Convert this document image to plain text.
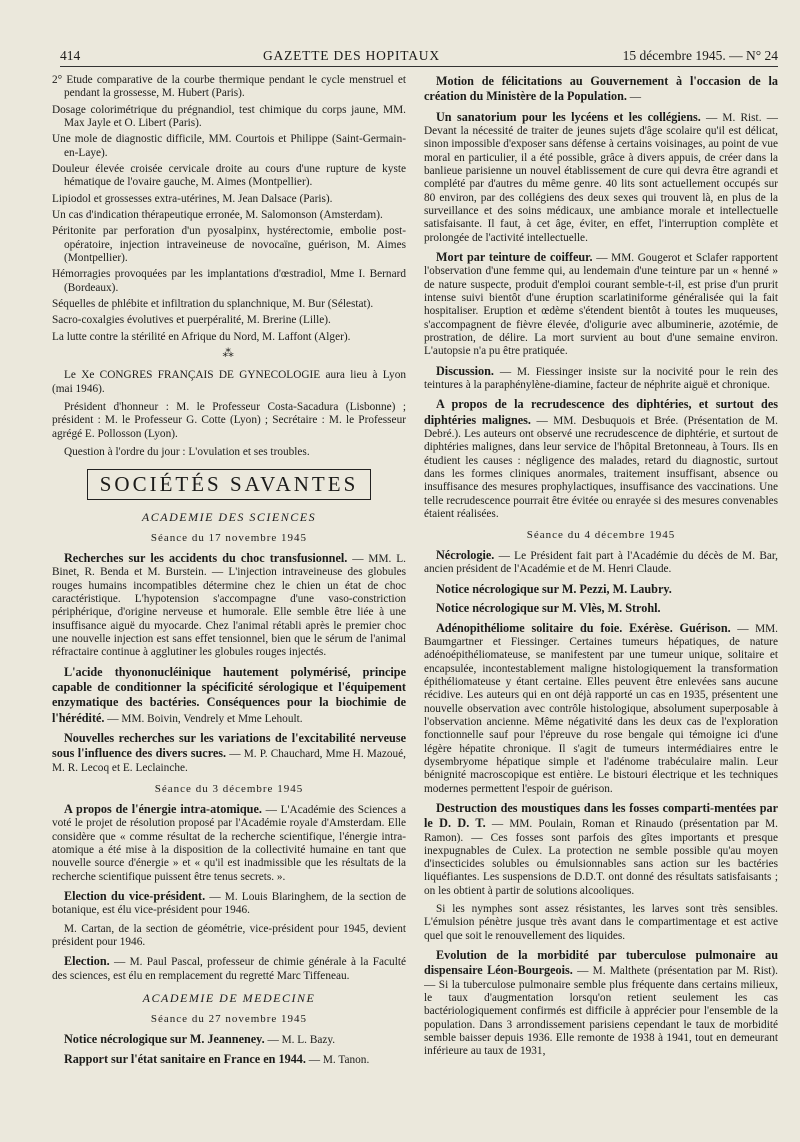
414	GAZETTE DES HOPITAUX	15 décembre 1945. — N° 24
2° Etude comparative de la courbe thermique pendant le cycle menstruel et pendant la grossesse, M. Hubert (Paris).
Dosage colorimétrique du prégnandiol, test chimique du corps jaune, MM. Max Jayle et O. Libert (Paris).
Une mole de diagnostic difficile, MM. Courtois et Philippe (Saint-Germain-en-Laye).
Douleur élevée croisée cervicale droite au cours d'une rupture de kyste hématique de l'ovaire gauche, M. Aimes (Montpellier).
Lipiodol et grossesses extra-utérines, M. Jean Dalsace (Paris).
Un cas d'indication thérapeutique erronée, M. Salomonson (Amsterdam).
Péritonite par perforation d'un pyosalpinx, hystérectomie, embolie post-opératoire, injection intraveineuse de novocaïne, guérison, M. Aimes (Montpellier).
Hémorragies provoquées par les implantations d'œstradiol, Mme I. Bernard (Bordeaux).
Séquelles de phlébite et infiltration du splanchnique, M. Bur (Sélestat).
Sacro-coxalgies évolutives et puerpéralité, M. Brerine (Lille).
La lutte contre la stérilité en Afrique du Nord, M. Laffont (Alger).
⁂

Le Xe CONGRES FRANÇAIS DE GYNECOLOGIE aura lieu à Lyon (mai 1946).

Président d'honneur : M. le Professeur Costa-Sacadura (Lisbonne) ; président : M. le Professeur G. Cotte (Lyon) ; Secrétaire : M. le Professeur agrégé E. Pollosson (Lyon).

Question à l'ordre du jour : L'ovulation et ses troubles.

SOCIÉTÉS SAVANTES
ACADEMIE DES SCIENCES
Séance du 17 novembre 1945

Recherches sur les accidents du choc transfusionnel. — MM. L. Binet, R. Benda et M. Burstein. — L'injection intraveineuse des globules rouges humains incompatibles détermine chez le chien un état de choc caractéristique. L'hypotension s'accompagne d'une vaso-constriction périphérique, d'origine nerveuse et humorale. Elle semble être liée à une insuffisance aiguë du myocarde. Chez l'animal rétabli après le premier choc une nouvelle injection est sans effet tensionnel, bien que le sérum de l'animal réfractaire continue à agglutiner les globules rouges injectés.

L'acide thyononucléinique hautement polymérisé, principe capable de conditionner la spécificité sérologique et l'équipement enzymatique des bactéries. Conséquences pour la biochimie de l'hérédité. — MM. Boivin, Vendrely et Mme Lehoult.

Nouvelles recherches sur les variations de l'excitabilité nerveuse sous l'influence des divers sucres. — M. P. Chauchard, Mme H. Mazoué, M. R. Lecoq et E. Leclainche.

Séance du 3 décembre 1945

A propos de l'énergie intra-atomique. — L'Académie des Sciences a voté le projet de résolution proposé par l'Académie royale d'Amsterdam. Elle considère que « comme résultat de la recherche scientifique, l'énergie intra-atomique a été mise à la disposition de la collectivité humaine en tant que nouvelle source d'énergie » et « qu'il est inadmissible que les résultats de la recherche scientifique puissent être tenus secrets. ».

Election du vice-président. — M. Louis Blaringhem, de la section de botanique, est élu vice-président pour 1946.

M. Cartan, de la section de géométrie, vice-président pour 1945, devient président pour 1946.

Election. — M. Paul Pascal, professeur de chimie générale à la Faculté des sciences, est élu en remplacement du regretté Marc Tiffeneau.

ACADEMIE DE MEDECINE
Séance du 27 novembre 1945

Notice nécrologique sur M. Jeanneney. — M. L. Bazy.

Rapport sur l'état sanitaire en France en 1944. — M. Tanon.

Motion de félicitations au Gouvernement à l'occasion de la création du Ministère de la Population. —

Un sanatorium pour les lycéens et les collégiens. — M. Rist. — Devant la nécessité de traiter de jeunes sujets d'âge scolaire qu'il est délicat, sinon impossible d'exposer sans défense à certains voisinages, au point de vue moral en particulier, il a été possible, grâce à divers appuis, de créer dans la banlieue parisienne un nouvel établissement de cure qui devra être agrandi et complété par d'autres du même genre. 40 lits sont actuellement occupés sur 80 environ, par des collégiens des deux sexes qui trouvent là, en plus de la surveillance et des soins médicaux, une ambiance morale et intellectuelle satisfaisante. Il faut, à cet âge, éviter, en effet, l'interruption complète et prolongée de l'activité intellectuelle.

Mort par teinture de coiffeur. — MM. Gougerot et Sclafer rapportent l'observation d'une femme qui, au lendemain d'une teinture par un « henné » de nature suspecte, produit d'emploi courant semble-t-il, est prise d'un prurit intense suivi bientôt d'une éruption scarlatiniforme généralisée qui la fait hospitaliser. Eruption et œdème s'étendent bientôt à toutes les muqueuses, s'accompagnent de fièvre élevée, d'oligurie avec albuminerie, azotémie, de prostration, de délire. La mort survient au bout d'une semaine environ. L'autopsie n'a pu être pratiquée.

Discussion. — M. Fiessinger insiste sur la nocivité pour le rein des teintures à la paraphénylène-diamine, facteur de néphrite aiguë et chronique.

A propos de la recrudescence des diphtéries, et surtout des diphtéries malignes. — MM. Desbuquois et Brée. (Présentation de M. Debré.). Les auteurs ont observé une recrudescence de diphtérie, et surtout de diphtéries malignes, dans leur service de l'hôpital Bretonneau, à Tours. Ils en étudient les causes : négligence des malades, retard du diagnostic, surtout dans les formes cliniques anormales, traitement insuffisant, absence ou insuffisance des mesures prophylactiques, insuffisance des vaccinations. Une telle recrudescence pourrait être évitée ou enrayée si des mesures convenables étaient réalisées.

Séance du 4 décembre 1945

Nécrologie. — Le Président fait part à l'Académie du décès de M. Bar, ancien président de l'Académie et de M. Henri Claude.

Notice nécrologique sur M. Pezzi, M. Laubry.

Notice nécrologique sur M. Vlès, M. Strohl.

Adénopithéliome solitaire du foie. Exérèse. Guérison. — MM. Baumgartner et Fiessinger. Certaines tumeurs hépatiques, de nature adénoépithéliomateuse, se manifestent par une tumeur unique, solitaire et encapsulée, incontestablement maligne histologiquement la transformation épithéliomateuse y étant certaine. Elles peuvent être enlevées sans aucune récidive. Les auteurs qui en ont déjà rapporté un cas en 1935, présentent une nouvelle observation avec contrôle histologique, absolument superposable à l'observation ancienne. Même négativité dans les deux cas de l'exploration fonctionnelle sauf pour l'épreuve du rose bengale qui témoigne ici d'une légère hépatite chronique. Il s'agit de tumeurs intermédiaires entre le dysembryome hépatique simple et l'adénome trabéculaire malin. Leur bénignité macroscopique est entière. Le bistouri électrique et les techniques modernes permettent l'espoir de guérison.

Destruction des moustiques dans les fosses comparti-mentées par le D. D. T. — MM. Poulain, Roman et Rinaudo (présentation par M. Ramon). — Ces fosses sont parfois des gîtes importants et presque inexpugnables de Culex. La protection ne semble possible qu'au moyen d'insecticides solubles ou émulsionnables sans action sur les bactéries liquéfiantes. Les suspensions de D.D.T. ont donné des résultats satisfaisants ; on les obtient à partir de solutions alcooliques.

Si les nymphes sont assez résistantes, les larves sont très sensibles. L'émulsion pénètre jusque très avant dans le compartimentage et est active quel que soit le renouvellement des liquides.

Evolution de la morbidité par tuberculose pulmonaire au dispensaire Léon-Bourgeois. — M. Malthete (présentation par M. Rist). — Si la tuberculose pulmonaire semble plus fréquente dans certains milieux, le taux d'augmentation lorsqu'on retient seulement les cas bactériologiquement confirmés est difficile à apprécier pour l'ensemble de la population. Dans 3 arrondissement parisiens cependant le taux de morbidité semble baisser depuis 1936. Elle remonte de 1938 à 1941, tout en demeurant inférieure au taux de 1931,
